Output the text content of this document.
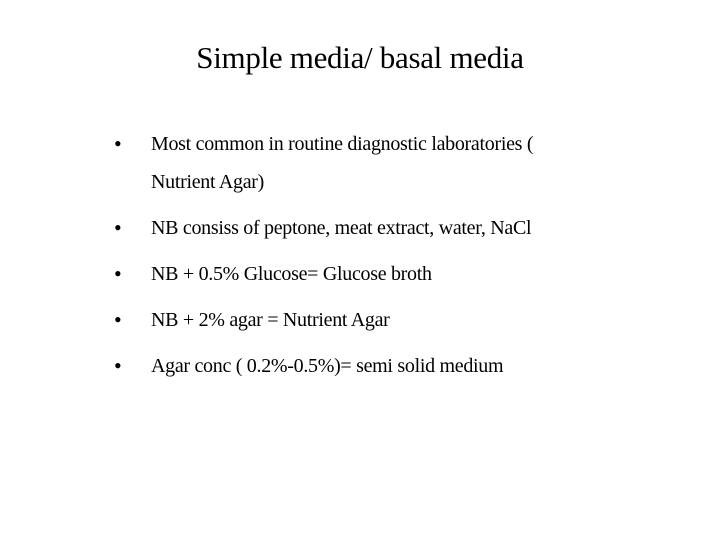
Simple media/ basal media
• Most common in routine diagnostic laboratories ( Nutrient Agar)
• NB consiss of peptone, meat extract, water, NaCl
• NB + 0.5% Glucose= Glucose broth
• NB + 2% agar = Nutrient Agar
• Agar conc ( 0.2%-0.5%)= semi solid medium
